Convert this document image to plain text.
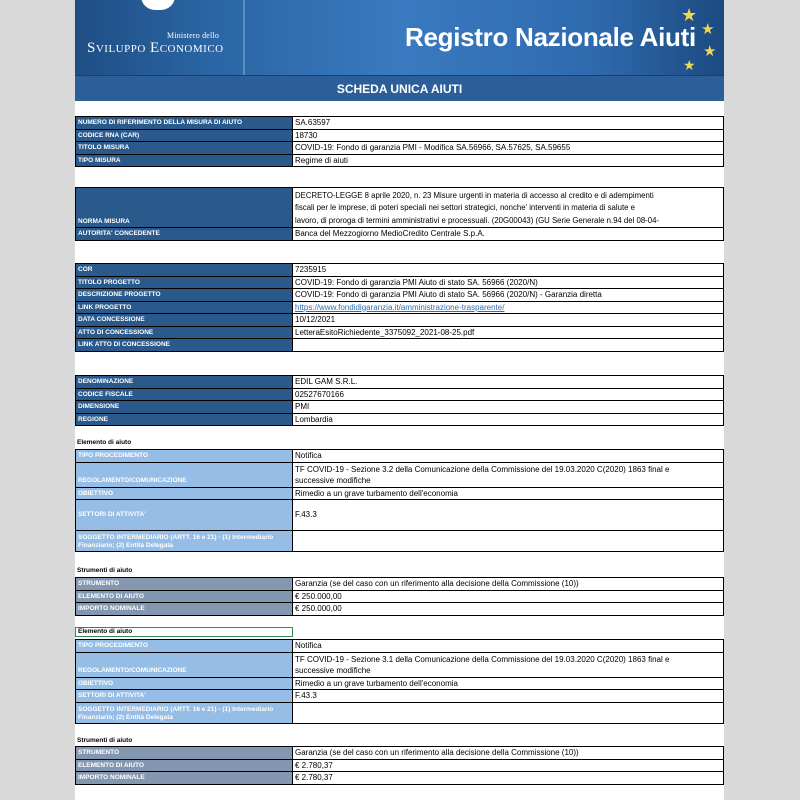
Ministero dello
Sviluppo Economico	Registro Nazionale Aiuti
★
★
★
★
SCHEDA UNICA AIUTI
NUMERO DI RIFERIMENTO DELLA MISURA DI AIUTO	SA.63597
CODICE RNA (CAR)	18730
TITOLO MISURA	COVID-19: Fondo di garanzia PMI - Modifica SA.56966, SA.57625, SA.59655
TIPO MISURA	Regime di aiuti
NORMA MISURA	DECRETO-LEGGE 8 aprile 2020, n. 23 Misure urgenti in materia di accesso al credito e di adempimenti
fiscali per le imprese, di poteri speciali nei settori strategici, nonche' interventi in materia di salute e
lavoro, di proroga di termini amministrativi e processuali. (20G00043) (GU Serie Generale n.94 del 08-04-

AUTORITA' CONCEDENTE	Banca del Mezzogiorno MedioCredito Centrale S.p.A.
COR	7235915
TITOLO PROGETTO	COVID-19: Fondo di garanzia PMI Aiuto di stato SA. 56966 (2020/N)
DESCRIZIONE PROGETTO	COVID-19: Fondo di garanzia PMI Aiuto di stato SA. 56966 (2020/N) - Garanzia diretta
LINK PROGETTO	https://www.fondidigaranzia.it/amministrazione-trasparente/
DATA CONCESSIONE	10/12/2021
ATTO DI CONCESSIONE	LetteraEsitoRichiedente_3375092_2021-08-25.pdf
LINK ATTO DI CONCESSIONE	
DENOMINAZIONE	EDIL GAM S.R.L.
CODICE FISCALE	02527670166
DIMENSIONE	PMI
REGIONE	Lombardia
Elemento di aiuto
TIPO PROCEDIMENTO	Notifica
REGOLAMENTO/COMUNICAZIONE	TF COVID-19 - Sezione 3.2 della Comunicazione della Commissione del 19.03.2020 C(2020) 1863 final e
successive modifiche

OBIETTIVO	Rimedio a un grave turbamento dell'economia
SETTORI DI ATTIVITA'	F.43.3
SOGGETTO INTERMEDIARIO (ARTT. 16 e 21) - (1) Intermediario Finanziario; (2) Entità Delegata	
Strumenti di aiuto
STRUMENTO	Garanzia (se del caso con un riferimento alla decisione della Commissione (10))
ELEMENTO DI AIUTO	€ 250.000,00
IMPORTO NOMINALE	€ 250.000,00
Elemento di aiuto
TIPO PROCEDIMENTO	Notifica
REGOLAMENTO/COMUNICAZIONE	TF COVID-19 - Sezione 3.1 della Comunicazione della Commissione del 19.03.2020 C(2020) 1863 final e
successive modifiche

OBIETTIVO	Rimedio a un grave turbamento dell'economia
SETTORI DI ATTIVITA'	F.43.3
SOGGETTO INTERMEDIARIO (ARTT. 16 e 21) - (1) Intermediario Finanziario; (2) Entità Delegata	
Strumenti di aiuto
STRUMENTO	Garanzia (se del caso con un riferimento alla decisione della Commissione (10))
ELEMENTO DI AIUTO	€ 2.780,37
IMPORTO NOMINALE	€ 2.780,37
